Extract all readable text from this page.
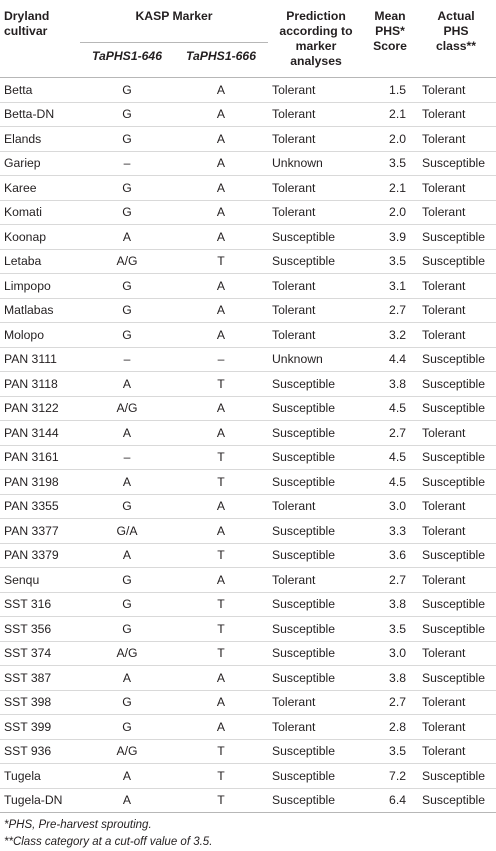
Dryland
cultivar	KASP Marker		Prediction
according to
marker
analyses	Mean
PHS*
Score	Actual
PHS
class**
	TaPHS1-646	TaPHS1-666			
Betta	G	A	Tolerant	1.5	Tolerant
Betta-DN	G	A	Tolerant	2.1	Tolerant
Elands	G	A	Tolerant	2.0	Tolerant
Gariep	–	A	Unknown	3.5	Susceptible
Karee	G	A	Tolerant	2.1	Tolerant
Komati	G	A	Tolerant	2.0	Tolerant
Koonap	A	A	Susceptible	3.9	Susceptible
Letaba	A/G	T	Susceptible	3.5	Susceptible
Limpopo	G	A	Tolerant	3.1	Tolerant
Matlabas	G	A	Tolerant	2.7	Tolerant
Molopo	G	A	Tolerant	3.2	Tolerant
PAN 3111	–	–	Unknown	4.4	Susceptible
PAN 3118	A	T	Susceptible	3.8	Susceptible
PAN 3122	A/G	A	Susceptible	4.5	Susceptible
PAN 3144	A	A	Susceptible	2.7	Tolerant
PAN 3161	–	T	Susceptible	4.5	Susceptible
PAN 3198	A	T	Susceptible	4.5	Susceptible
PAN 3355	G	A	Tolerant	3.0	Tolerant
PAN 3377	G/A	A	Susceptible	3.3	Tolerant
PAN 3379	A	T	Susceptible	3.6	Susceptible
Senqu	G	A	Tolerant	2.7	Tolerant
SST 316	G	T	Susceptible	3.8	Susceptible
SST 356	G	T	Susceptible	3.5	Susceptible
SST 374	A/G	T	Susceptible	3.0	Tolerant
SST 387	A	A	Susceptible	3.8	Susceptible
SST 398	G	A	Tolerant	2.7	Tolerant
SST 399	G	A	Tolerant	2.8	Tolerant
SST 936	A/G	T	Susceptible	3.5	Tolerant
Tugela	A	T	Susceptible	7.2	Susceptible
Tugela-DN	A	T	Susceptible	6.4	Susceptible
*PHS, Pre-harvest sprouting.
**Class category at a cut-off value of 3.5.
